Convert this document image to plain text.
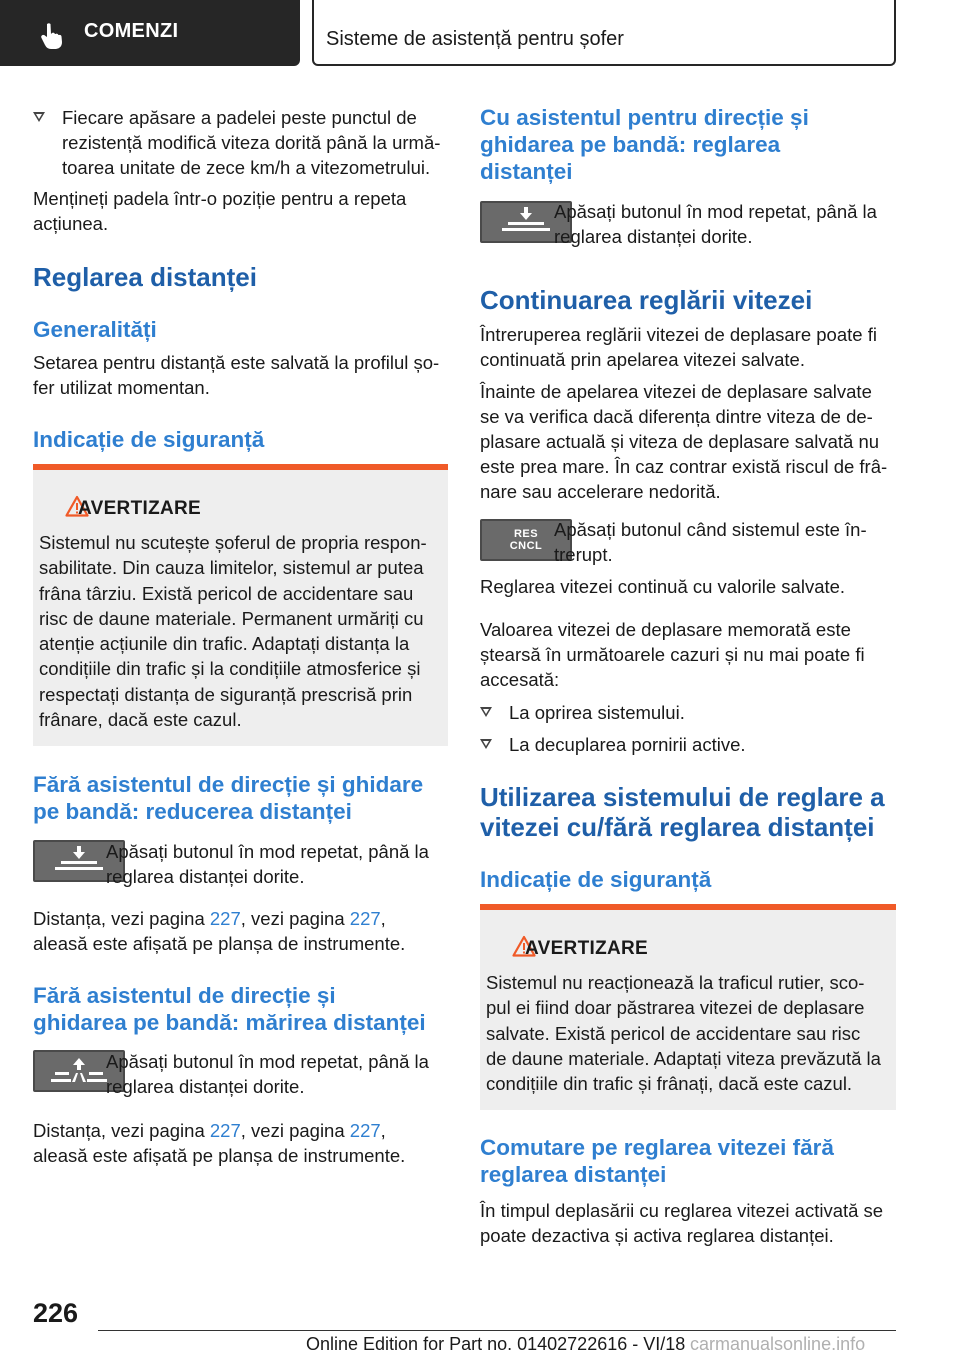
COMENZI	Sisteme de asistență pentru șofer
Fiecare apăsare a padelei peste punctul de
rezistență modifică viteza dorită până la urmă‐
toarea unitate de zece km/h a vitezometrului.
Mențineți padela într-o poziție pentru a repeta
acțiunea.
Reglarea distanței
Generalități
Setarea pentru distanță este salvată la profilul șo‐
fer utilizat momentan.
Indicație de siguranță
AVERTIZARE
Sistemul nu scutește șoferul de propria respon‐
sabilitate. Din cauza limitelor, sistemul ar putea
frâna târziu. Există pericol de accidentare sau
risc de daune materiale. Permanent urmăriți cu
atenție acțiunile din trafic. Adaptați distanța la
condițiile din trafic și la condițiile atmosferice și
respectați distanța de siguranță prescrisă prin
frânare, dacă este cazul.
Fără asistentul de direcție și ghidare
pe bandă: reducerea distanței
Apăsați butonul în mod repetat, până la
reglarea distanței dorite.
Distanța, vezi pagina 227, vezi pagina 227,
aleasă este afișată pe planșa de instrumente.
Fără asistentul de direcție și
ghidarea pe bandă: mărirea distanței
Apăsați butonul în mod repetat, până la
reglarea distanței dorite.
Distanța, vezi pagina 227, vezi pagina 227,
aleasă este afișată pe planșa de instrumente.
Cu asistentul pentru direcție și
ghidarea pe bandă: reglarea
distanței
Apăsați butonul în mod repetat, până la
reglarea distanței dorite.
Continuarea reglării vitezei
Întreruperea reglării vitezei de deplasare poate fi
continuată prin apelarea vitezei salvate.
Înainte de apelarea vitezei de deplasare salvate
se va verifica dacă diferența dintre viteza de de‐
plasare actuală și viteza de deplasare salvată nu
este prea mare. În caz contrar există riscul de frâ‐
nare sau accelerare nedorită.
RES
CNCL
Apăsați butonul când sistemul este în‐
trerupt.
Reglarea vitezei continuă cu valorile salvate.
Valoarea vitezei de deplasare memorată este
ștearsă în următoarele cazuri și nu mai poate fi
accesată:
La oprirea sistemului.
La decuplarea pornirii active.
Utilizarea sistemului de reglare a
vitezei cu/fără reglarea distanței
Indicație de siguranță
AVERTIZARE
Sistemul nu reacționează la traficul rutier, sco‐
pul ei fiind doar păstrarea vitezei de deplasare
salvate. Există pericol de accidentare sau risc
de daune materiale. Adaptați viteza prevăzută la
condițiile din trafic și frânați, dacă este cazul.
Comutare pe reglarea vitezei fără
reglarea distanței
În timpul deplasării cu reglarea vitezei activată se
poate dezactiva și activa reglarea distanței.
226
Online Edition for Part no. 01402722616 - VI/18 carmanualsonline.info
